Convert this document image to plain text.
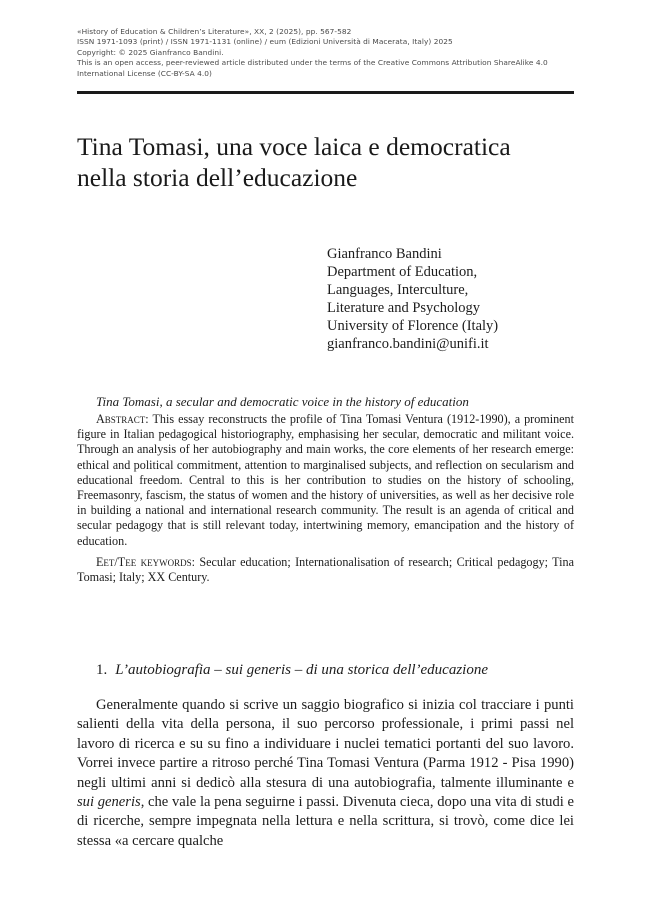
«History of Education & Children’s Literature», XX, 2 (2025), pp. 567-582
ISSN 1971-1093 (print) / ISSN 1971-1131 (online) / eum (Edizioni Università di Macerata, Italy) 2025
Copyright: © 2025 Gianfranco Bandini.
This is an open access, peer-reviewed article distributed under the terms of the Creative Commons Attribution ShareAlike 4.0
International License (CC-BY-SA 4.0)
Tina Tomasi, una voce laica e democratica
nella storia dell’educazione
Gianfranco Bandini
Department of Education,
Languages, Interculture,
Literature and Psychology
University of Florence (Italy)
gianfranco.bandini@unifi.it
Tina Tomasi, a secular and democratic voice in the history of education

Abstract: This essay reconstructs the profile of Tina Tomasi Ventura (1912-1990), a prominent figure in Italian pedagogical historiography, emphasising her secular, democratic and militant voice. Through an analysis of her autobiography and main works, the core elements of her research emerge: ethical and political commitment, attention to marginalised subjects, and reflection on secularism and educational freedom. Central to this is her contribution to studies on the history of schooling, Freemasonry, fascism, the status of women and the history of universities, as well as her decisive role in building a national and international research community. The result is an agenda of critical and secular pedagogy that is still relevant today, intertwining memory, emancipation and the history of education.

Eet/Tee keywords: Secular education; Internationalisation of research; Critical pedagogy; Tina Tomasi; Italy; XX Century.

1. L’autobiografia – sui generis – di una storica dell’educazione

Generalmente quando si scrive un saggio biografico si inizia col tracciare i punti salienti della vita della persona, il suo percorso professionale, i primi passi nel lavoro di ricerca e su su fino a individuare i nuclei tematici portanti del suo lavoro. Vorrei invece partire a ritroso perché Tina Tomasi Ventura (Parma 1912 - Pisa 1990) negli ultimi anni si dedicò alla stesura di una autobiografia, talmente illuminante e sui generis, che vale la pena seguirne i passi. Divenuta cieca, dopo una vita di studi e di ricerche, sempre impegnata nella lettura e nella scrittura, si trovò, come dice lei stessa «a cercare qualche
